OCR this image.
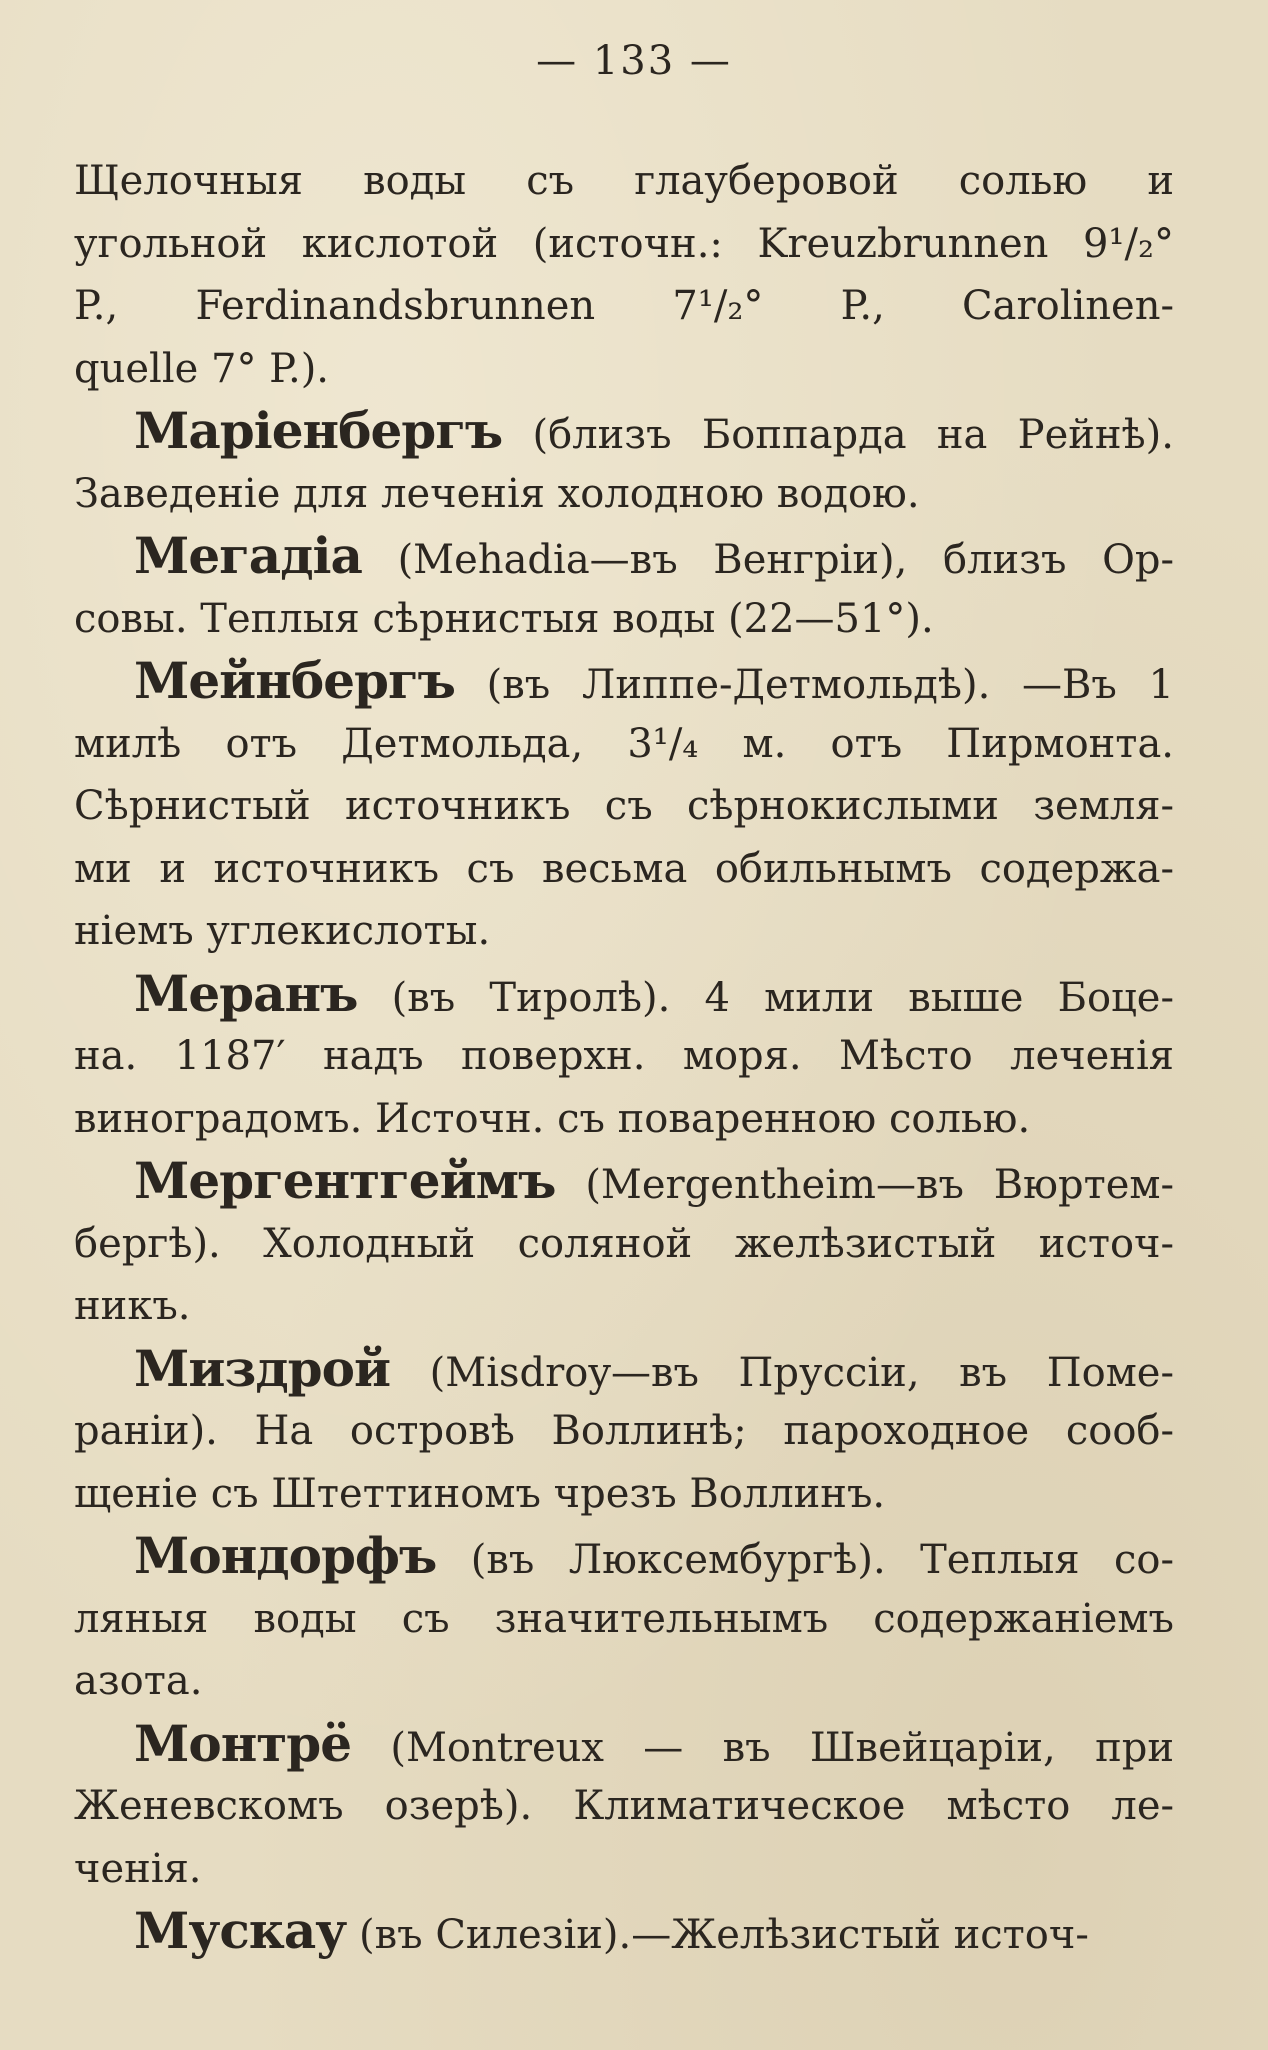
— 133 —
Щелочныя воды съ глауберовой солью и
угольной кислотой (источн.: Kreuzbrunnen 9¹/₂°
P., Ferdinandsbrunnen 7¹/₂° P., Carolinen-
quelle 7° P.).
Маріенбергъ (близъ Боппарда на Рейнѣ).
Заведеніе для леченія холодною водою.
Мегадіа (Mehadia—въ Венгріи), близъ Ор-
совы. Теплыя сѣрнистыя воды (22—51°).
Мейнбергъ (въ Липпе-Детмольдѣ). —Въ 1
милѣ отъ Детмольда, 3¹/₄ м. отъ Пирмонта.
Сѣрнистый источникъ съ сѣрнокислыми земля-
ми и источникъ съ весьма обильнымъ содержа-
ніемъ углекислоты.
Меранъ (въ Тиролѣ). 4 мили выше Боце-
на. 1187′ надъ поверхн. моря. Мѣсто леченія
виноградомъ. Источн. съ поваренною солью.
Мергентгеймъ (Mergentheim—въ Вюртем-
бергѣ). Холодный соляной желѣзистый источ-
никъ.
Миздрой (Misdroy—въ Пруссіи, въ Поме-
раніи). На островѣ Воллинѣ; пароходное сооб-
щеніе съ Штеттиномъ чрезъ Воллинъ.
Мондорфъ (въ Люксембургѣ). Теплыя со-
ляныя воды съ значительнымъ содержаніемъ
азота.
Монтрё (Montreux — въ Швейцаріи, при
Женевскомъ озерѣ). Климатическое мѣсто ле-
ченія.
Мускау (въ Силезіи).—Желѣзистый источ-
